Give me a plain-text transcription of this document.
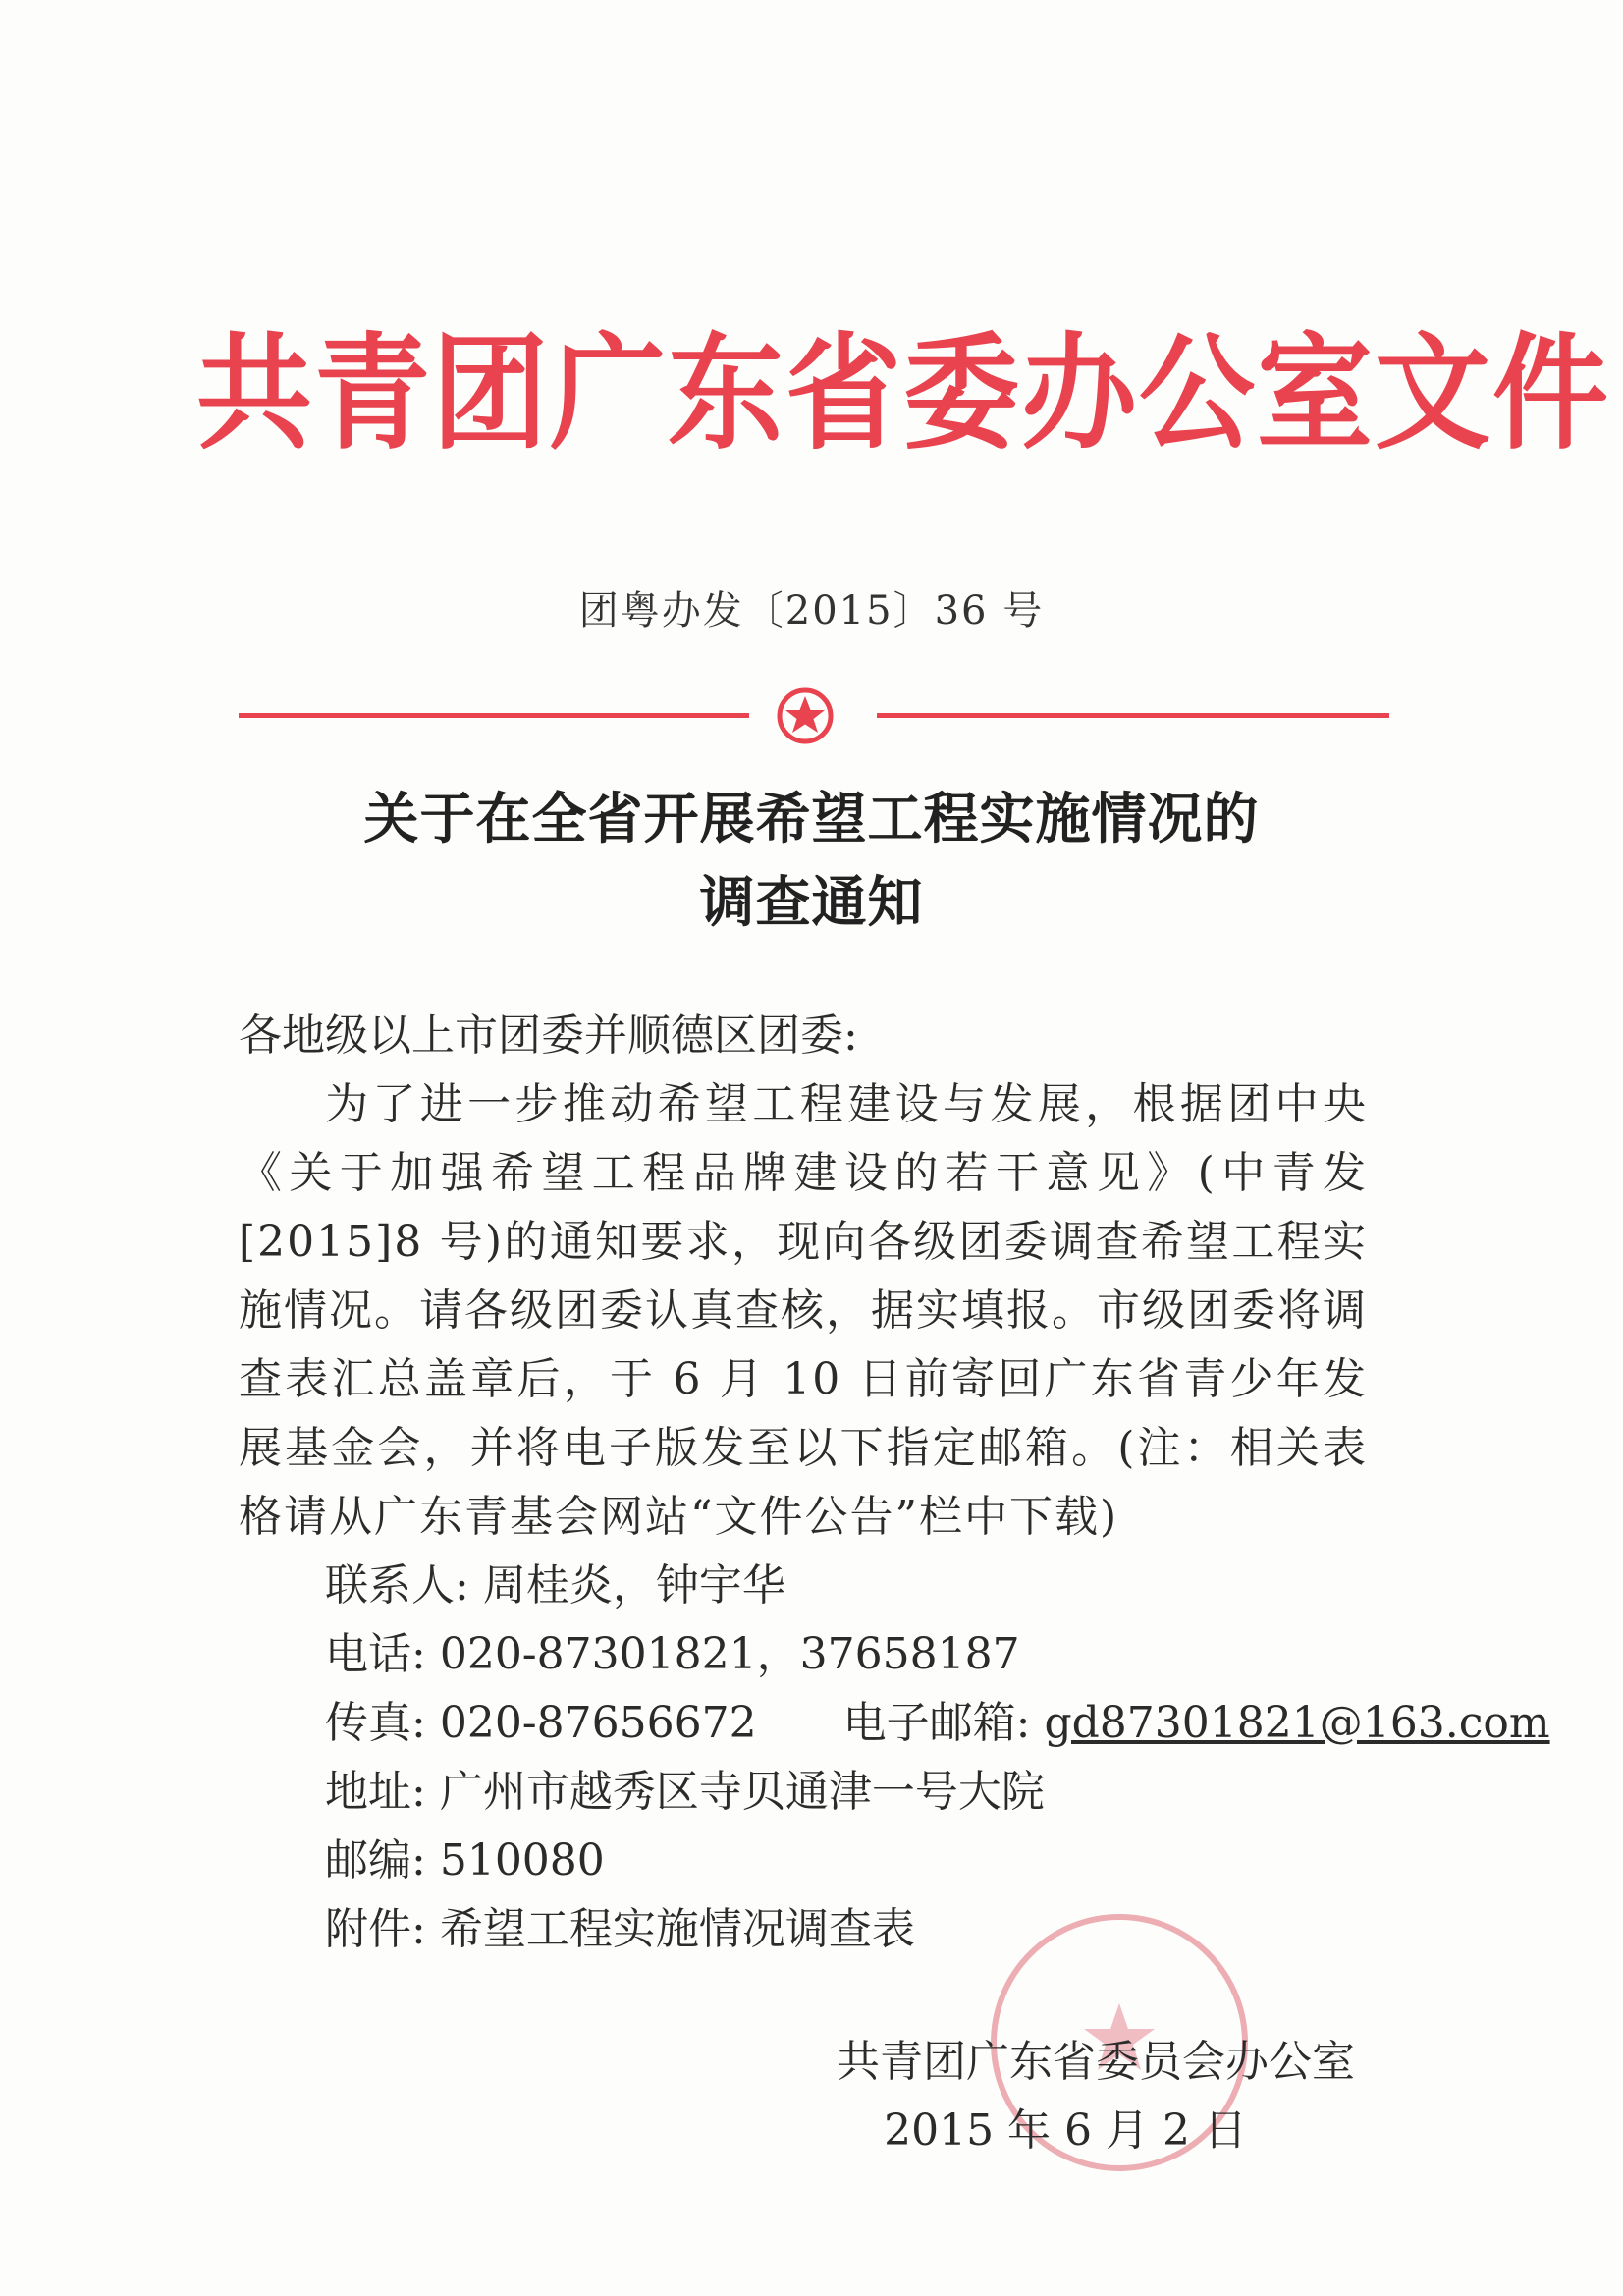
共青团广东省委办公室文件
团粤办发〔2015〕36 号
关于在全省开展希望工程实施情况的
调查通知

各地级以上市团委并顺德区团委:

为了进一步推动希望工程建设与发展，根据团中央《关于加强希望工程品牌建设的若干意见》(中青发[2015]8 号)的通知要求，现向各级团委调查希望工程实施情况。请各级团委认真查核，据实填报。市级团委将调查表汇总盖章后，于 6 月 10 日前寄回广东省青少年发展基金会，并将电子版发至以下指定邮箱。(注：相关表格请从广东青基会网站“文件公告”栏中下载)

联系人: 周桂炎，钟宇华

电话: 020-87301821，37658187

传真: 020-87656672 电子邮箱: gd87301821@163.com

地址: 广州市越秀区寺贝通津一号大院

邮编: 510080

附件: 希望工程实施情况调查表

共青团广东省委员会办公室
2015 年 6 月 2 日
